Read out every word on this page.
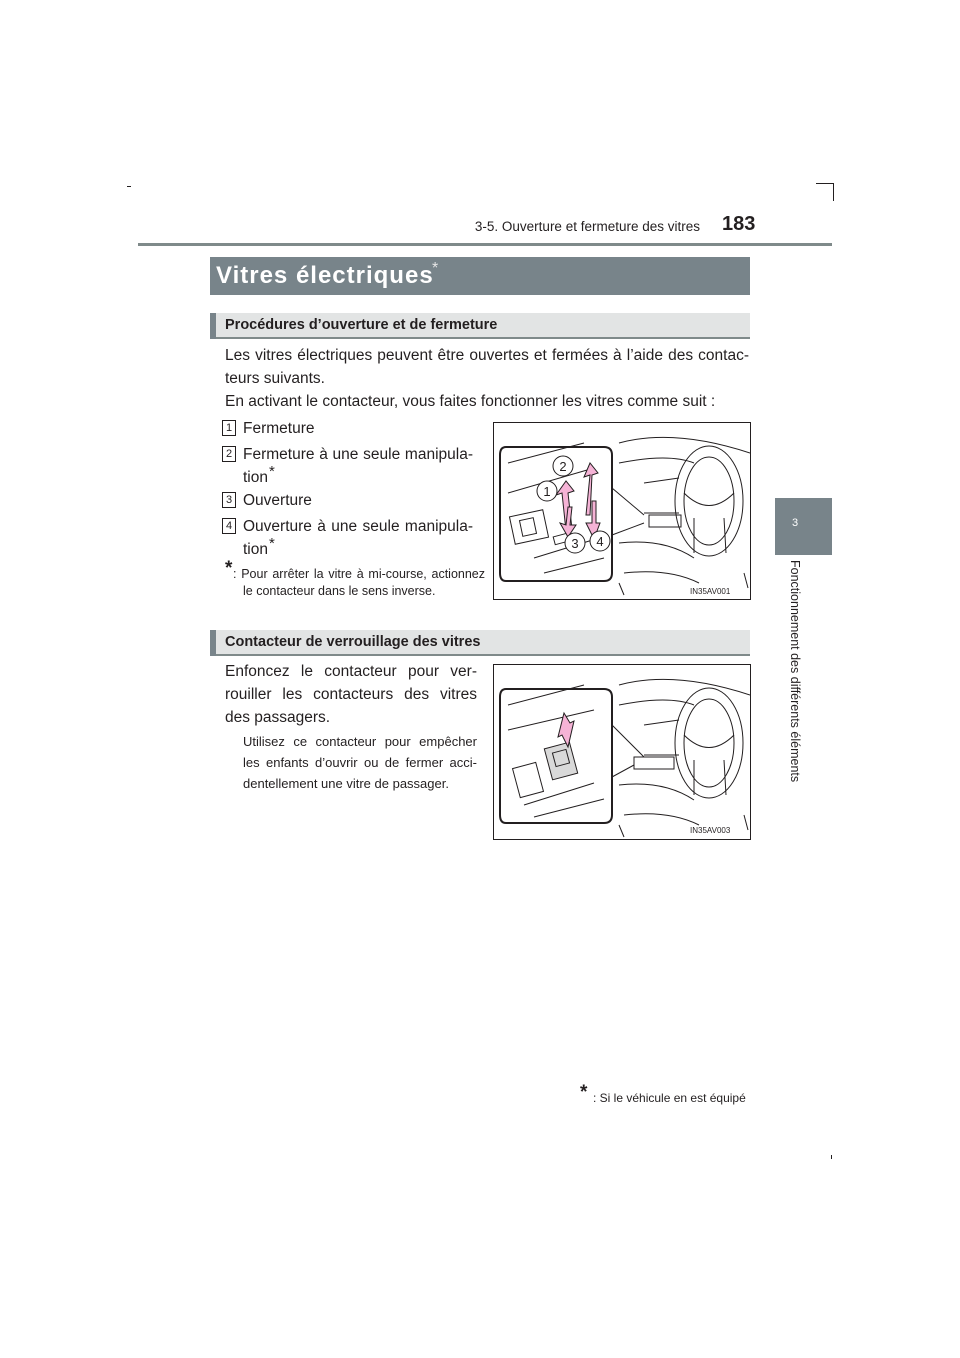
3-5. Ouverture et fermeture des vitres 183
3
Fonctionnement des différents éléments
Vitres électriques
*
Procédures d’ouverture et de fermeture
Les vitres électriques peuvent être ouvertes et fermées à l’aide des contac-teurs suivants.
En activant le contacteur, vous faites fonctionner les vitres comme suit :
1 Fermeture
2 Fermeture à une seule manipula-tion*
3 Ouverture
4 Ouverture à une seule manipula-tion*
* : Pour arrêter la vitre à mi-course, actionnez le contacteur dans le sens inverse.
2
1
3 4
IN35AV001
Contacteur de verrouillage des vitres
Enfoncez le contacteur pour ver-rouiller les contacteurs des vitres des passagers.
Utilisez ce contacteur pour empêcher les enfants d’ouvrir ou de fermer acci-dentellement une vitre de passager.
IN35AV003
* : Si le véhicule en est équipé
